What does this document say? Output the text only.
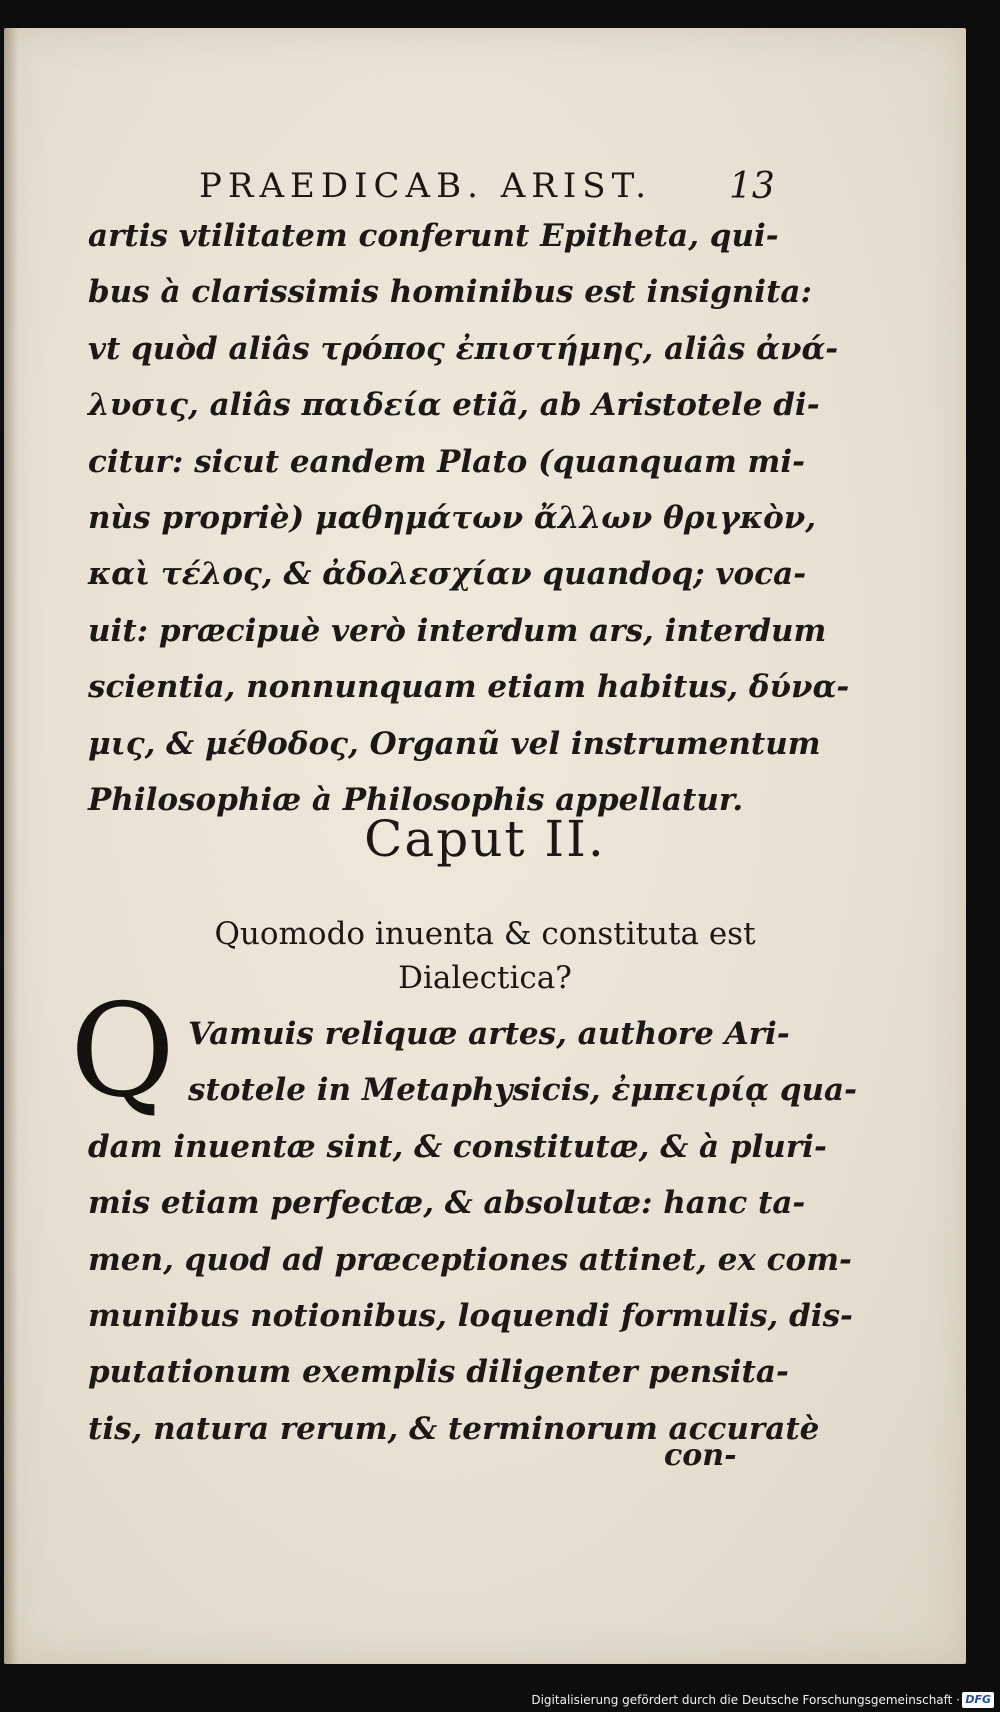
PRAEDICAB. ARIST. 13
artis vtilitatem conferunt Epitheta, qui-
bus à clarissimis hominibus est insignita:
vt quòd aliâs τρόπος ἐπιστήμης, aliâs ἀνά-
λυσις, aliâs παιδεία etiã, ab Aristotele di-
citur: sicut eandem Plato (quanquam mi-
nùs propriè) μαθημάτων ἄλλων θριγκὸν,
καὶ τέλος, & ἀδολεσχίαν quandoq; voca-
uit: præcipuè verò interdum ars, interdum
scientia, nonnunquam etiam habitus, δύνα-
μις, & μέθοδος, Organũ vel instrumentum
Philosophiæ à Philosophis appellatur.
Caput II.
Quomodo inuenta & constituta est
Dialectica?
Q Vamuis reliquæ artes, authore Ari-
stotele in Metaphysicis, ἐμπειρίᾳ qua-
dam inuentæ sint, & constitutæ, & à pluri-
mis etiam perfectæ, & absolutæ: hanc ta-
men, quod ad præceptiones attinet, ex com-
munibus notionibus, loquendi formulis, dis-
putationum exemplis diligenter pensita-
tis, natura rerum, & terminorum accuratè
con-
Digitalisierung gefördert durch die Deutsche Forschungsgemeinschaft · DFG
